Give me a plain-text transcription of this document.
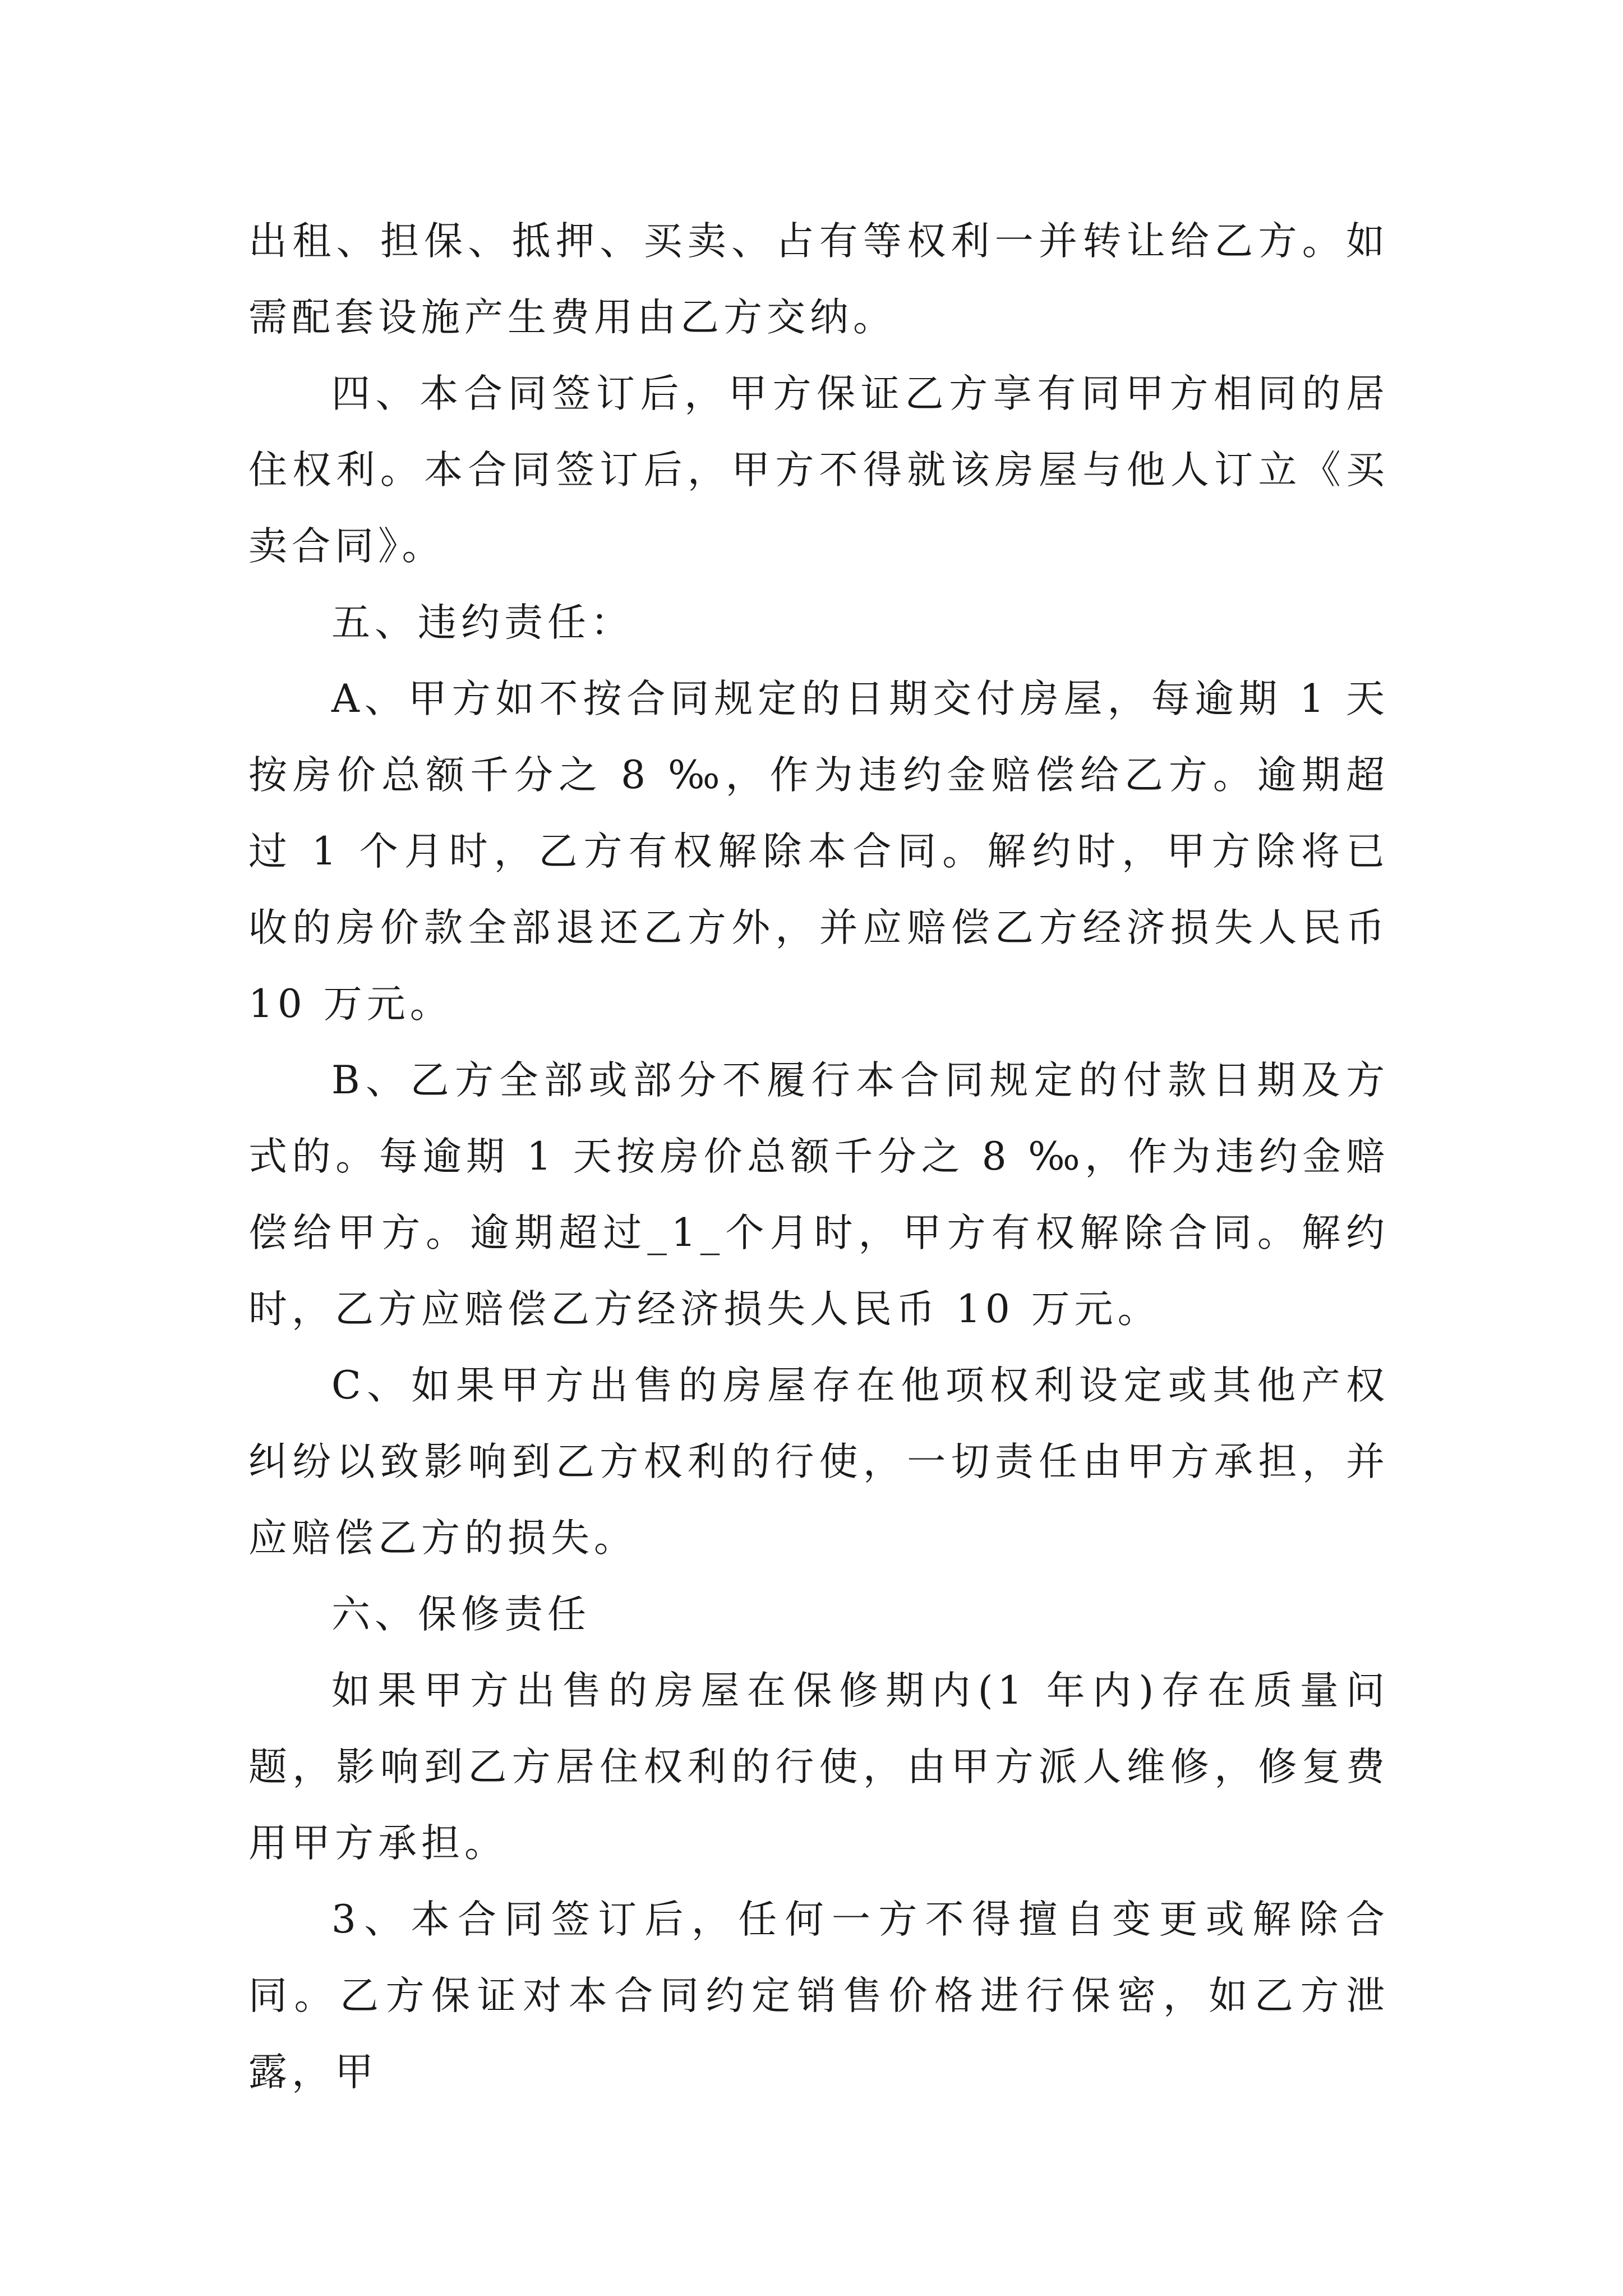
出租、担保、抵押、买卖、占有等权利一并转让给乙方。如需配套设施产生费用由乙方交纳。

四、本合同签订后，甲方保证乙方享有同甲方相同的居住权利。本合同签订后，甲方不得就该房屋与他人订立《买卖合同》。

五、违约责任：

A、甲方如不按合同规定的日期交付房屋，每逾期 1 天按房价总额千分之 8 ‰，作为违约金赔偿给乙方。逾期超过 1 个月时，乙方有权解除本合同。解约时，甲方除将已收的房价款全部退还乙方外，并应赔偿乙方经济损失人民币 10 万元。

B、乙方全部或部分不履行本合同规定的付款日期及方式的。每逾期 1 天按房价总额千分之 8 ‰，作为违约金赔偿给甲方。逾期超过_1_个月时，甲方有权解除合同。解约时，乙方应赔偿乙方经济损失人民币 10 万元。

C、如果甲方出售的房屋存在他项权利设定或其他产权纠纷以致影响到乙方权利的行使，一切责任由甲方承担，并应赔偿乙方的损失。

六、保修责任

如果甲方出售的房屋在保修期内(1 年内)存在质量问题，影响到乙方居住权利的行使，由甲方派人维修，修复费用甲方承担。

3、本合同签订后，任何一方不得擅自变更或解除合同。乙方保证对本合同约定销售价格进行保密，如乙方泄露，甲
